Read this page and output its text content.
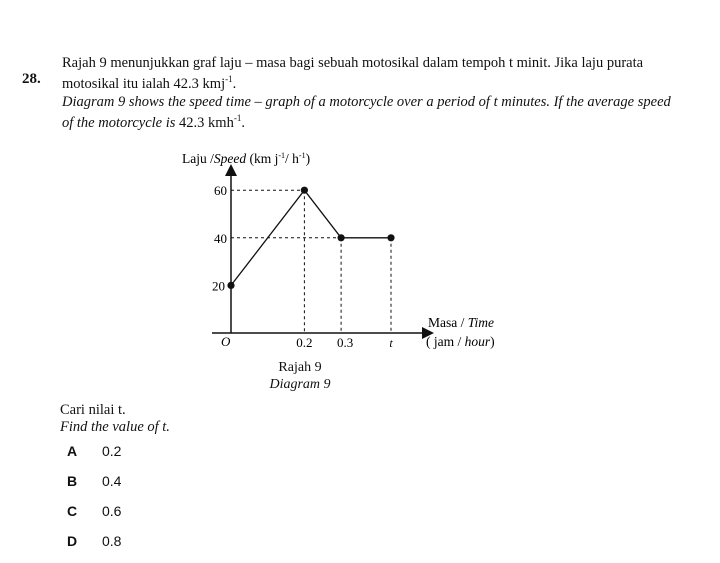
28.
Rajah 9 menunjukkan graf laju – masa bagi sebuah motosikal dalam tempoh t minit. Jika laju purata
motosikal itu ialah 42.3 kmj$^{-1}$.
Diagram 9 shows the speed time – graph of a motorcycle over a period of t minutes. If the average speed
of the motorcycle is 42.3 kmh$^{-1}$.
Laju /Speed (km $j^{-1}/$ $h^{-1}$)
20
40
60
O	0.2 0.3	t
Masa / Time
( jam / hour)
Rajah 9
Diagram 9
Cari nilai t.
Find the value of t.
A 0.2
B 0.4
C 0.6
D 0.8
